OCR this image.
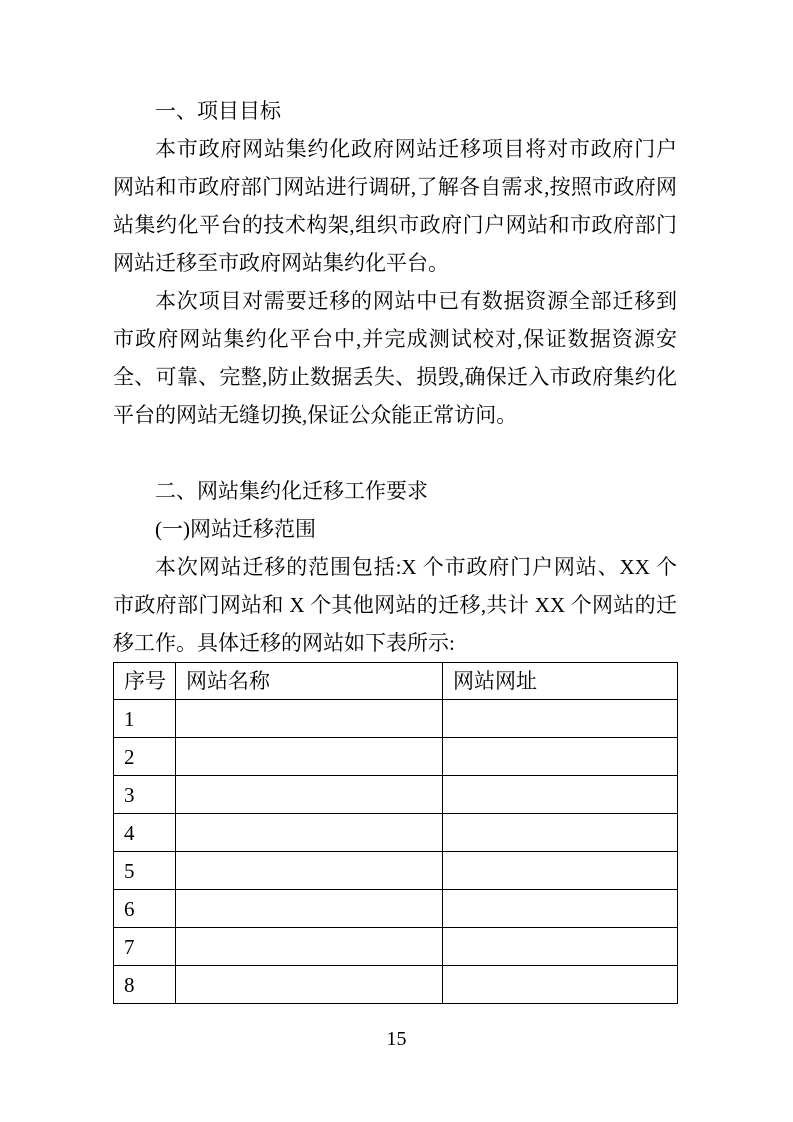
一、项目目标

本市政府网站集约化政府网站迁移项目将对市政府门户网站和市政府部门网站进行调研,了解各自需求,按照市政府网站集约化平台的技术构架,组织市政府门户网站和市政府部门网站迁移至市政府网站集约化平台。

本次项目对需要迁移的网站中已有数据资源全部迁移到市政府网站集约化平台中,并完成测试校对,保证数据资源安全、可靠、完整,防止数据丢失、损毁,确保迁入市政府集约化平台的网站无缝切换,保证公众能正常访问。

二、网站集约化迁移工作要求

(一)网站迁移范围

本次网站迁移的范围包括:X 个市政府门户网站、XX 个市政府部门网站和 X 个其他网站的迁移,共计 XX 个网站的迁移工作。具体迁移的网站如下表所示:

序号	网站名称	网站网址
1		
2		
3		
4		
5		
6		
7		
8		
15
